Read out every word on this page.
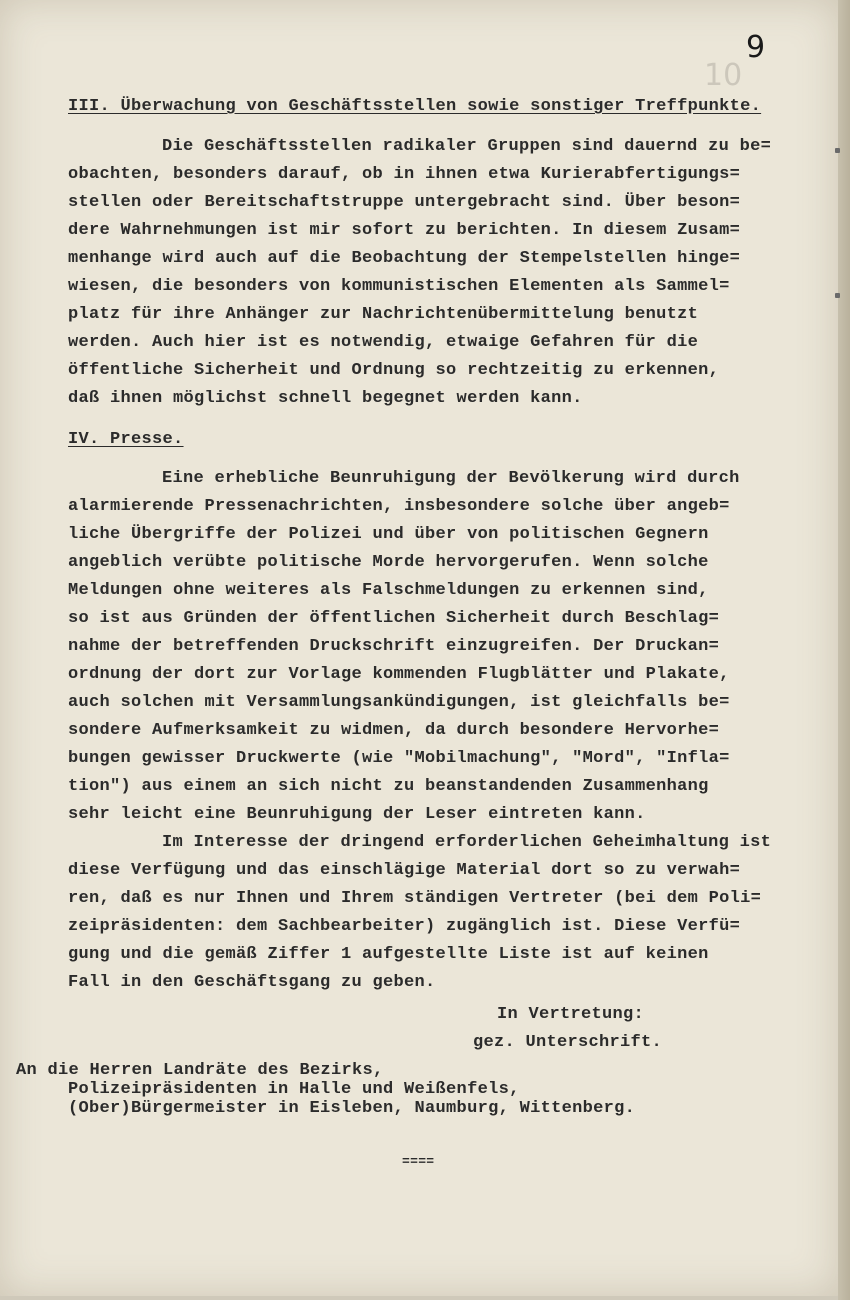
9
10
III. Überwachung von Geschäftsstellen sowie sonstiger Treffpunkte.
Die Geschäftsstellen radikaler Gruppen sind dauernd zu be=
obachten, besonders darauf, ob in ihnen etwa Kurierabfertigungs=
stellen oder Bereitschaftstruppe untergebracht sind. Über beson=
dere Wahrnehmungen ist mir sofort zu berichten. In diesem Zusam=
menhange wird auch auf die Beobachtung der Stempelstellen hinge=
wiesen, die besonders von kommunistischen Elementen als Sammel=
platz für ihre Anhänger zur Nachrichtenübermittelung benutzt
werden. Auch hier ist es notwendig, etwaige Gefahren für die
öffentliche Sicherheit und Ordnung so rechtzeitig zu erkennen,
daß ihnen möglichst schnell begegnet werden kann.
IV. Presse.
Eine erhebliche Beunruhigung der Bevölkerung wird durch
alarmierende Pressenachrichten, insbesondere solche über angeb=
liche Übergriffe der Polizei und über von politischen Gegnern
angeblich verübte politische Morde hervorgerufen. Wenn solche
Meldungen ohne weiteres als Falschmeldungen zu erkennen sind,
so ist aus Gründen der öffentlichen Sicherheit durch Beschlag=
nahme der betreffenden Druckschrift einzugreifen. Der Druckan=
ordnung der dort zur Vorlage kommenden Flugblätter und Plakate,
auch solchen mit Versammlungsankündigungen, ist gleichfalls be=
sondere Aufmerksamkeit zu widmen, da durch besondere Hervorhe=
bungen gewisser Druckwerte (wie "Mobilmachung", "Mord", "Infla=
tion") aus einem an sich nicht zu beanstandenden Zusammenhang
sehr leicht eine Beunruhigung der Leser eintreten kann.
Im Interesse der dringend erforderlichen Geheimhaltung ist
diese Verfügung und das einschlägige Material dort so zu verwah=
ren, daß es nur Ihnen und Ihrem ständigen Vertreter (bei dem Poli=
zeipräsidenten: dem Sachbearbeiter) zugänglich ist. Diese Verfü=
gung und die gemäß Ziffer 1 aufgestellte Liste ist auf keinen
Fall in den Geschäftsgang zu geben.
In Vertretung:
gez. Unterschrift.
An die Herren Landräte des Bezirks,
Polizeipräsidenten in Halle und Weißenfels,
(Ober)Bürgermeister in Eisleben, Naumburg, Wittenberg.
====
